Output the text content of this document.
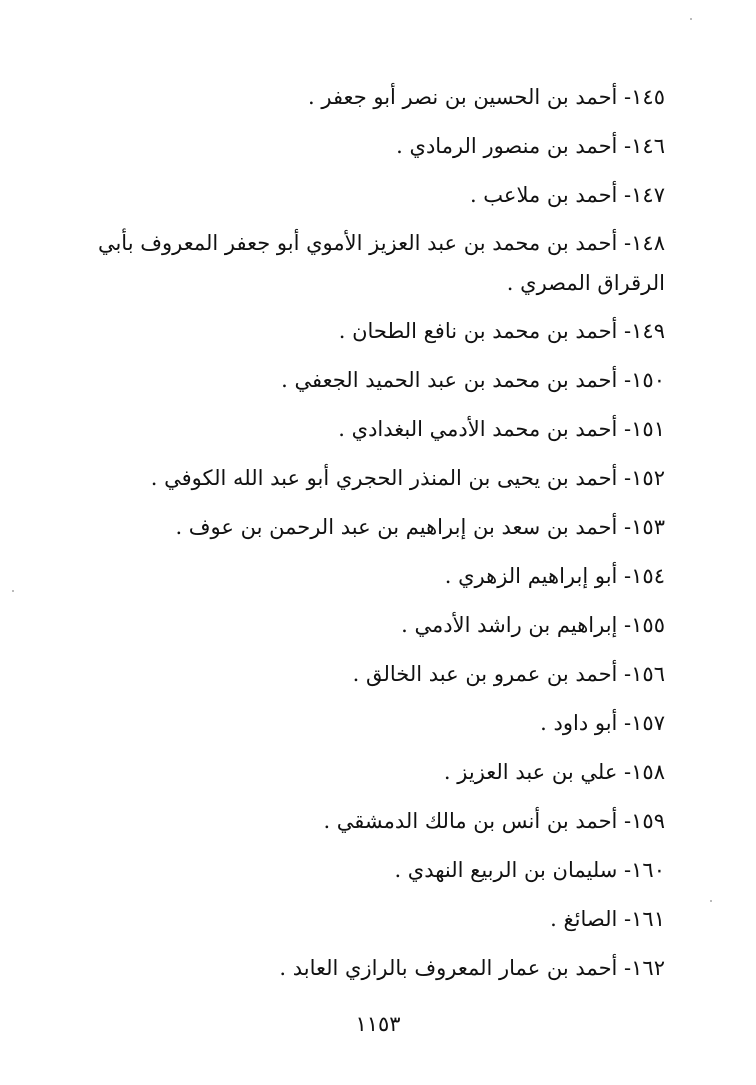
١٤٥- أحمد بن الحسين بن نصر أبو جعفر .
١٤٦- أحمد بن منصور الرمادي .
١٤٧- أحمد بن ملاعب .
١٤٨- أحمد بن محمد بن عبد العزيز الأموي أبو جعفر المعروف بأبي الرقراق المصري .
١٤٩- أحمد بن محمد بن نافع الطحان .
١٥٠- أحمد بن محمد بن عبد الحميد الجعفي .
١٥١- أحمد بن محمد الأدمي البغدادي .
١٥٢- أحمد بن يحيى بن المنذر الحجري أبو عبد الله الكوفي .
١٥٣- أحمد بن سعد بن إبراهيم بن عبد الرحمن بن عوف .
١٥٤- أبو إبراهيم الزهري .
١٥٥- إبراهيم بن راشد الأدمي .
١٥٦- أحمد بن عمرو بن عبد الخالق .
١٥٧- أبو داود .
١٥٨- علي بن عبد العزيز .
١٥٩- أحمد بن أنس بن مالك الدمشقي .
١٦٠- سليمان بن الربيع النهدي .
١٦١- الصائغ .
١٦٢- أحمد بن عمار المعروف بالرازي العابد .
١١٥٣
